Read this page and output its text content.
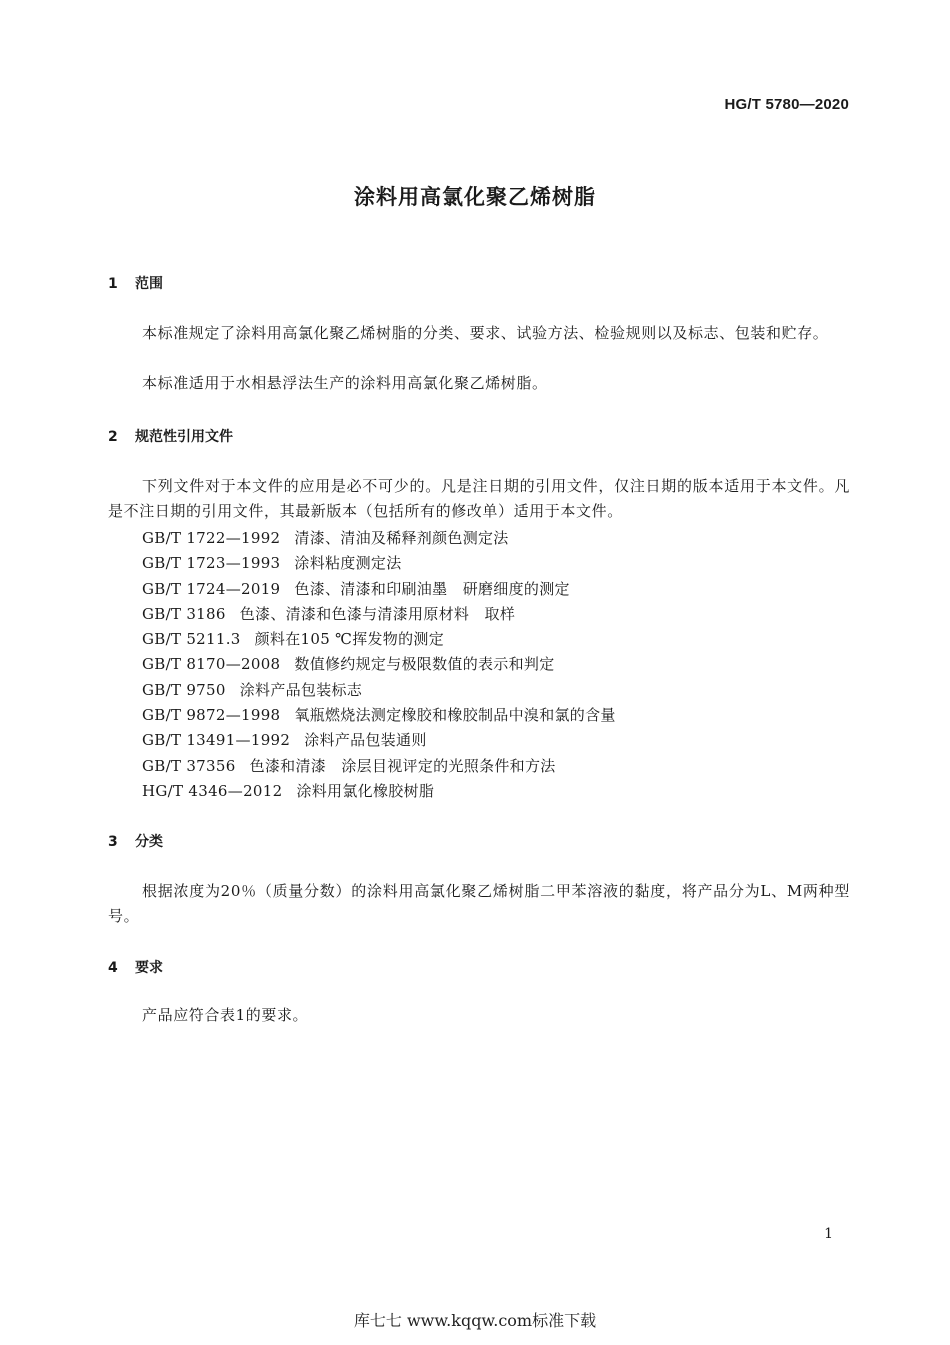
HG/T 5780—2020
涂料用高氯化聚乙烯树脂
1 范围
本标准规定了涂料用高氯化聚乙烯树脂的分类、要求、试验方法、检验规则以及标志、包装和贮存。
本标准适用于水相悬浮法生产的涂料用高氯化聚乙烯树脂。
2 规范性引用文件
下列文件对于本文件的应用是必不可少的。凡是注日期的引用文件，仅注日期的版本适用于本文件。凡是不注日期的引用文件，其最新版本（包括所有的修改单）适用于本文件。
GB/T 1722—1992 清漆、清油及稀释剂颜色测定法
GB/T 1723—1993 涂料粘度测定法
GB/T 1724—2019 色漆、清漆和印刷油墨　研磨细度的测定
GB/T 3186 色漆、清漆和色漆与清漆用原材料　取样
GB/T 5211.3 颜料在105 ℃挥发物的测定
GB/T 8170—2008 数值修约规定与极限数值的表示和判定
GB/T 9750 涂料产品包装标志
GB/T 9872—1998 氧瓶燃烧法测定橡胶和橡胶制品中溴和氯的含量
GB/T 13491—1992 涂料产品包装通则
GB/T 37356 色漆和清漆　涂层目视评定的光照条件和方法
HG/T 4346—2012 涂料用氯化橡胶树脂
3 分类
根据浓度为20％（质量分数）的涂料用高氯化聚乙烯树脂二甲苯溶液的黏度，将产品分为L、M两种型号。
4 要求
产品应符合表1的要求。
1
库七七 www.kqqw.com标准下载
